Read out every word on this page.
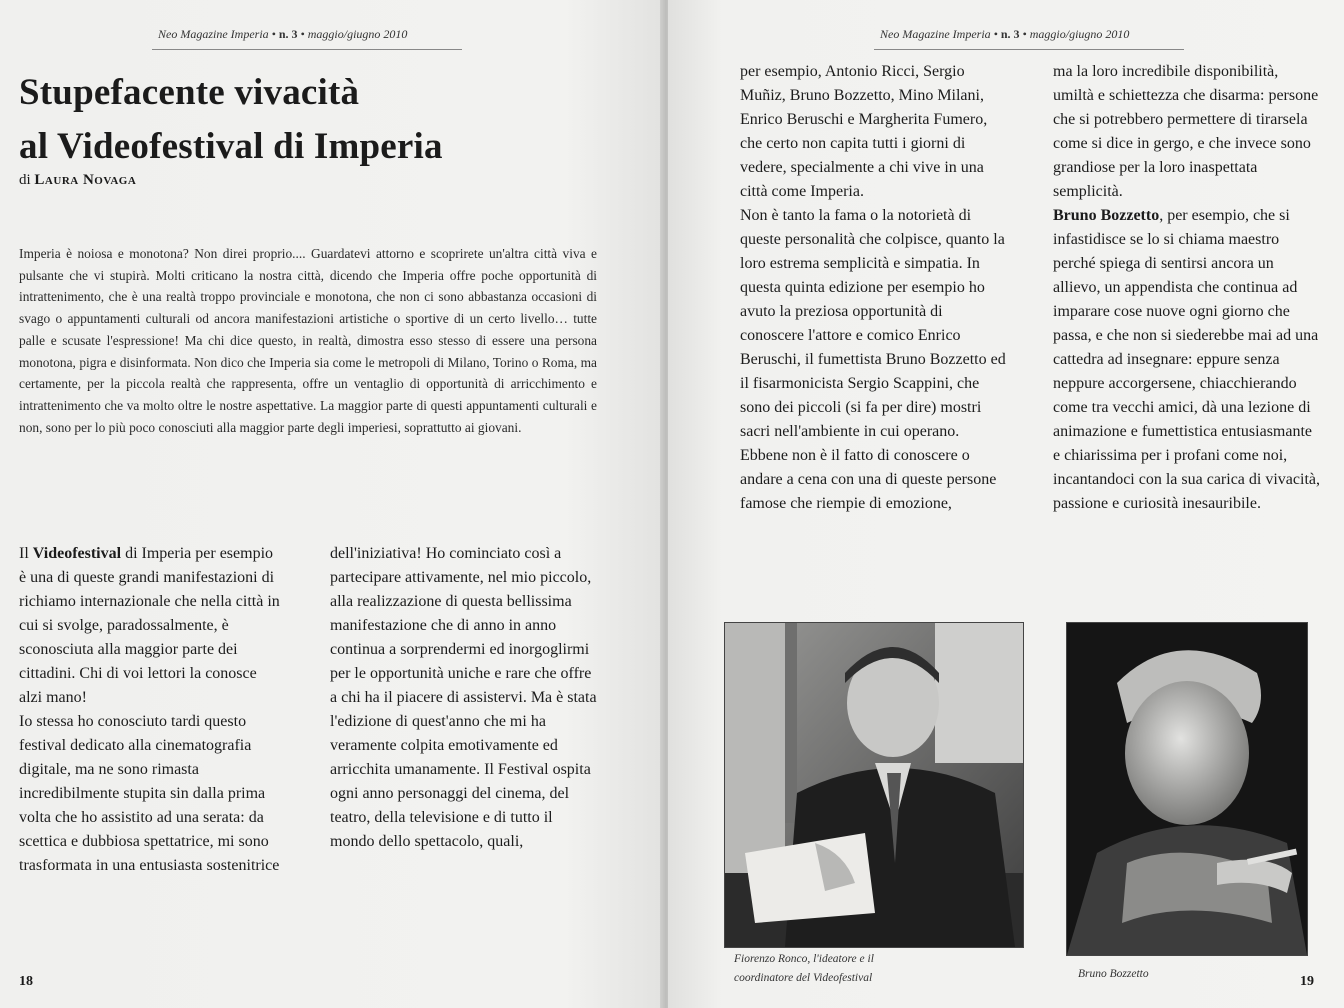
Neo Magazine Imperia • n. 3 • maggio/giugno 2010
Stupefacente vivacità
al Videofestival di Imperia
di Laura Novaga
Imperia è noiosa e monotona? Non direi proprio.... Guardatevi attorno e scoprirete un'altra città viva e pulsante che vi stupirà. Molti criticano la nostra città, dicendo che Imperia offre poche opportunità di intrattenimento, che è una realtà troppo provinciale e monotona, che non ci sono abbastanza occasioni di svago o appuntamenti culturali od ancora manifestazioni artistiche o sportive di un certo livello… tutte palle e scusate l'espressione! Ma chi dice questo, in realtà, dimostra esso stesso di essere una persona monotona, pigra e disinformata. Non dico che Imperia sia come le metropoli di Milano, Torino o Roma, ma certamente, per la piccola realtà che rappresenta, offre un ventaglio di opportunità di arricchimento e intrattenimento che va molto oltre le nostre aspettative. La maggior parte di questi appuntamenti culturali e non, sono per lo più poco conosciuti alla maggior parte degli imperiesi, soprattutto ai giovani.

Il Videofestival di Imperia per esempio è una di queste grandi manifestazioni di richiamo internazionale che nella città in cui si svolge, paradossalmente, è sconosciuta alla maggior parte dei cittadini. Chi di voi lettori la conosce alzi mano!

Io stessa ho conosciuto tardi questo festival dedicato alla cinematografia digitale, ma ne sono rimasta incredibilmente stupita sin dalla prima volta che ho assistito ad una serata: da scettica e dubbiosa spettatrice, mi sono trasformata in una entusiasta sostenitrice

dell'iniziativa! Ho cominciato così a partecipare attivamente, nel mio piccolo, alla realizzazione di questa bellissima manifestazione che di anno in anno continua a sorprendermi ed inorgoglirmi per le opportunità uniche e rare che offre a chi ha il piacere di assistervi. Ma è stata l'edizione di quest'anno che mi ha veramente colpita emotivamente ed arricchita umanamente. Il Festival ospita ogni anno personaggi del cinema, del teatro, della televisione e di tutto il mondo dello spettacolo, quali,

18
Neo Magazine Imperia • n. 3 • maggio/giugno 2010

per esempio, Antonio Ricci, Sergio Muñiz, Bruno Bozzetto, Mino Milani, Enrico Beruschi e Margherita Fumero, che certo non capita tutti i giorni di vedere, specialmente a chi vive in una città come Imperia.

Non è tanto la fama o la notorietà di queste personalità che colpisce, quanto la loro estrema semplicità e simpatia. In questa quinta edizione per esempio ho avuto la preziosa opportunità di conoscere l'attore e comico Enrico Beruschi, il fumettista Bruno Bozzetto ed il fisarmonicista Sergio Scappini, che sono dei piccoli (si fa per dire) mostri sacri nell'ambiente in cui operano. Ebbene non è il fatto di conoscere o andare a cena con una di queste persone famose che riempie di emozione,

ma la loro incredibile disponibilità, umiltà e schiettezza che disarma: persone che si potrebbero permettere di tirarsela come si dice in gergo, e che invece sono grandiose per la loro inaspettata semplicità.

Bruno Bozzetto, per esempio, che si infastidisce se lo si chiama maestro perché spiega di sentirsi ancora un allievo, un appendista che continua ad imparare cose nuove ogni giorno che passa, e che non si siederebbe mai ad una cattedra ad insegnare: eppure senza neppure accorgersene, chiacchierando come tra vecchi amici, dà una lezione di animazione e fumettistica entusiasmante e chiarissima per i profani come noi, incantandoci con la sua carica di vivacità, passione e curiosità inesauribile.

Fiorenzo Ronco, l'ideatore e il
coordinatore del Videofestival	Bruno Bozzetto	19
